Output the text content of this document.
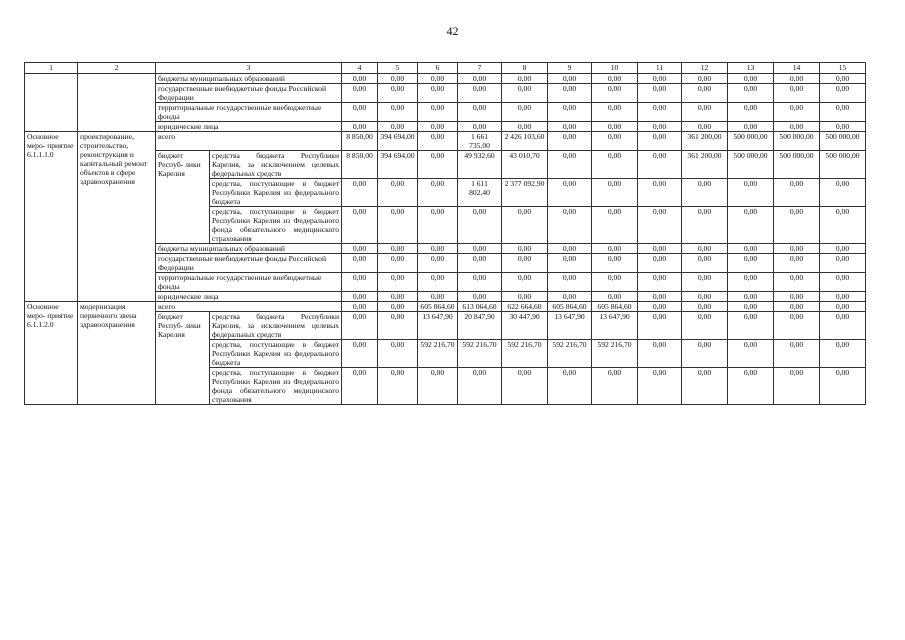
42
1	2	3		4	5	6	7	8	9	10	11	12	13	14	15
		бюджеты муниципальных образований		0,00	0,00	0,00	0,00	0,00	0,00	0,00	0,00	0,00	0,00	0,00	0,00
		государственные внебюджетные фонды Российской Федерации		0,00	0,00	0,00	0,00	0,00	0,00	0,00	0,00	0,00	0,00	0,00	0,00
		территориальные государственные внебюджетные фонды		0,00	0,00	0,00	0,00	0,00	0,00	0,00	0,00	0,00	0,00	0,00	0,00
		юридические лица		0,00	0,00	0,00	0,00	0,00	0,00	0,00	0,00	0,00	0,00	0,00	0,00
Основное меро- приятие 6.1.1.1.0	проектирование, строительство, реконструкция и капитальный ремонт объектов в сфере здравоохранения	всего		8 850,00	394 694,00	0,00	1 661 735,00	2 426 103,60	0,00	0,00	0,00	361 200,00	500 000,00	500 000,00	500 000,00
		бюджет Респуб- лики Карелия	средства бюджета Республики Карелия, за исключением целевых федеральных средств	8 850,00	394 694,00	0,00	49 932,60	43 010,70	0,00	0,00	0,00	361 200,00	500 000,00	500 000,00	500 000,00
			средства, поступающие в бюджет Республики Карелия из федерального бюджета	0,00	0,00	0,00	1 611 802,40	2 377 092,90	0,00	0,00	0,00	0,00	0,00	0,00	0,00
			средства, поступающие в бюджет Республики Карелия из Федерального фонда обязательного медицинского страхования	0,00	0,00	0,00	0,00	0,00	0,00	0,00	0,00	0,00	0,00	0,00	0,00
		бюджеты муниципальных образований		0,00	0,00	0,00	0,00	0,00	0,00	0,00	0,00	0,00	0,00	0,00	0,00
		государственные внебюджетные фонды Российской Федерации		0,00	0,00	0,00	0,00	0,00	0,00	0,00	0,00	0,00	0,00	0,00	0,00
		территориальные государственные внебюджетные фонды		0,00	0,00	0,00	0,00	0,00	0,00	0,00	0,00	0,00	0,00	0,00	0,00
		юридические лица		0,00	0,00	0,00	0,00	0,00	0,00	0,00	0,00	0,00	0,00	0,00	0,00
Основное меро- приятие 6.1.1.2.0	модернизация первичного звена здравоохранения	всего		0,00	0,00	605 864,60	613 064,60	622 664,60	605 864,60	605 864,60	0,00	0,00	0,00	0,00	0,00
		бюджет Респуб- лики Карелия	средства бюджета Республики Карелия, за исключением целевых федеральных средств	0,00	0,00	13 647,90	20 847,90	30 447,90	13 647,90	13 647,90	0,00	0,00	0,00	0,00	0,00
			средства, поступающие в бюджет Республики Карелия из федерального бюджета	0,00	0,00	592 216,70	592 216,70	592 216,70	592 216,70	592 216,70	0,00	0,00	0,00	0,00	0,00
			средства, поступающие в бюджет Республики Карелия из Федерального фонда обязательного медицинского страхования	0,00	0,00	0,00	0,00	0,00	0,00	0,00	0,00	0,00	0,00	0,00	0,00
